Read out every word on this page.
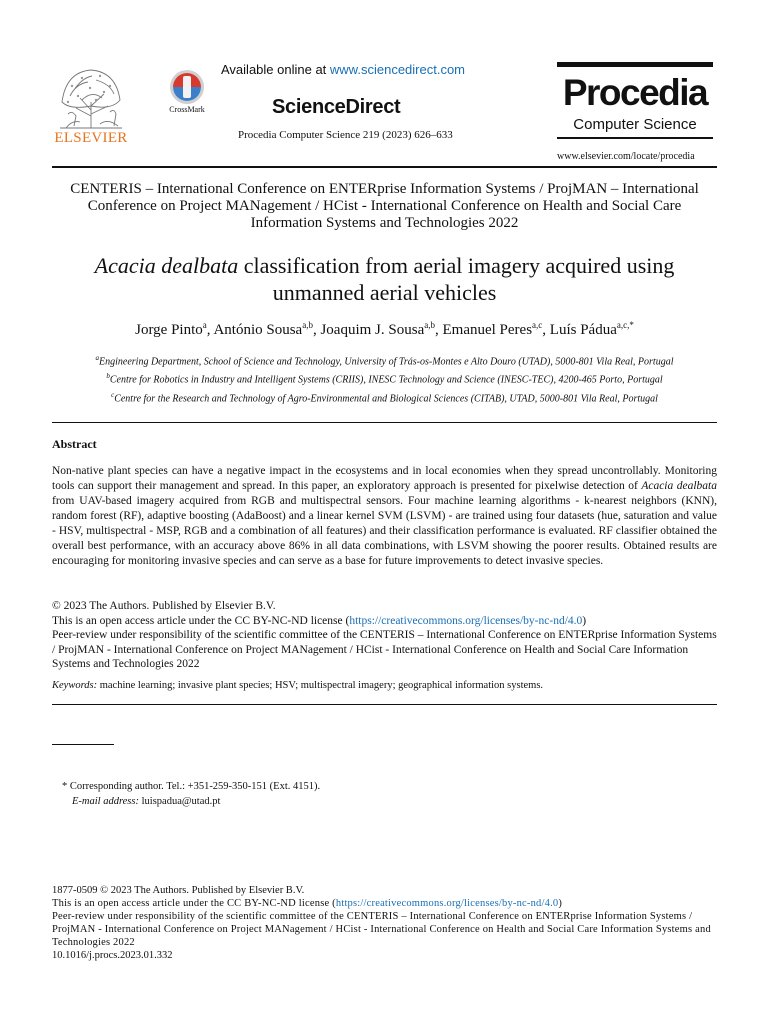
ELSEVIER
CrossMark
Available online at www.sciencedirect.com
ScienceDirect
Procedia Computer Science 219 (2023) 626–633
Procedia
Computer Science
www.elsevier.com/locate/procedia
CENTERIS – International Conference on ENTERprise Information Systems / ProjMAN – International Conference on Project MANagement / HCist - International Conference on Health and Social Care Information Systems and Technologies 2022
Acacia dealbata classification from aerial imagery acquired using unmanned aerial vehicles
Jorge Pinto$^a$, António Sousa$^{a,b}$, Joaquim J. Sousa$^{a,b}$, Emanuel Peres$^{a,c}$, Luís Pádua$^{a,c,*}$
$^a$Engineering Department, School of Science and Technology, University of Trás-os-Montes e Alto Douro (UTAD), 5000-801 Vila Real, Portugal
$^b$Centre for Robotics in Industry and Intelligent Systems (CRIIS), INESC Technology and Science (INESC-TEC), 4200-465 Porto, Portugal
$^c$Centre for the Research and Technology of Agro-Environmental and Biological Sciences (CITAB), UTAD, 5000-801 Vila Real, Portugal
Abstract
Non-native plant species can have a negative impact in the ecosystems and in local economies when they spread uncontrollably. Monitoring tools can support their management and spread. In this paper, an exploratory approach is presented for pixelwise detection of Acacia dealbata from UAV-based imagery acquired from RGB and multispectral sensors. Four machine learning algorithms - k-nearest neighbors (KNN), random forest (RF), adaptive boosting (AdaBoost) and a linear kernel SVM (LSVM) - are trained using four datasets (hue, saturation and value - HSV, multispectral - MSP, RGB and a combination of all features) and their classification performance is evaluated. RF classifier obtained the overall best performance, with an accuracy above 86% in all data combinations, with LSVM showing the poorer results. Obtained results are encouraging for monitoring invasive species and can serve as a base for future improvements to detect invasive species.
© 2023 The Authors. Published by Elsevier B.V.
This is an open access article under the CC BY-NC-ND license (https://creativecommons.org/licenses/by-nc-nd/4.0)
Peer-review under responsibility of the scientific committee of the CENTERIS – International Conference on ENTERprise Information Systems / ProjMAN - International Conference on Project MANagement / HCist - International Conference on Health and Social Care Information Systems and Technologies 2022
Keywords: machine learning; invasive plant species; HSV; multispectral imagery; geographical information systems.
* Corresponding author. Tel.: +351-259-350-151 (Ext. 4151).
E-mail address: luispadua@utad.pt
1877-0509 © 2023 The Authors. Published by Elsevier B.V.
This is an open access article under the CC BY-NC-ND license (https://creativecommons.org/licenses/by-nc-nd/4.0)
Peer-review under responsibility of the scientific committee of the CENTERIS – International Conference on ENTERprise Information Systems / ProjMAN - International Conference on Project MANagement / HCist - International Conference on Health and Social Care Information Systems and Technologies 2022
10.1016/j.procs.2023.01.332
